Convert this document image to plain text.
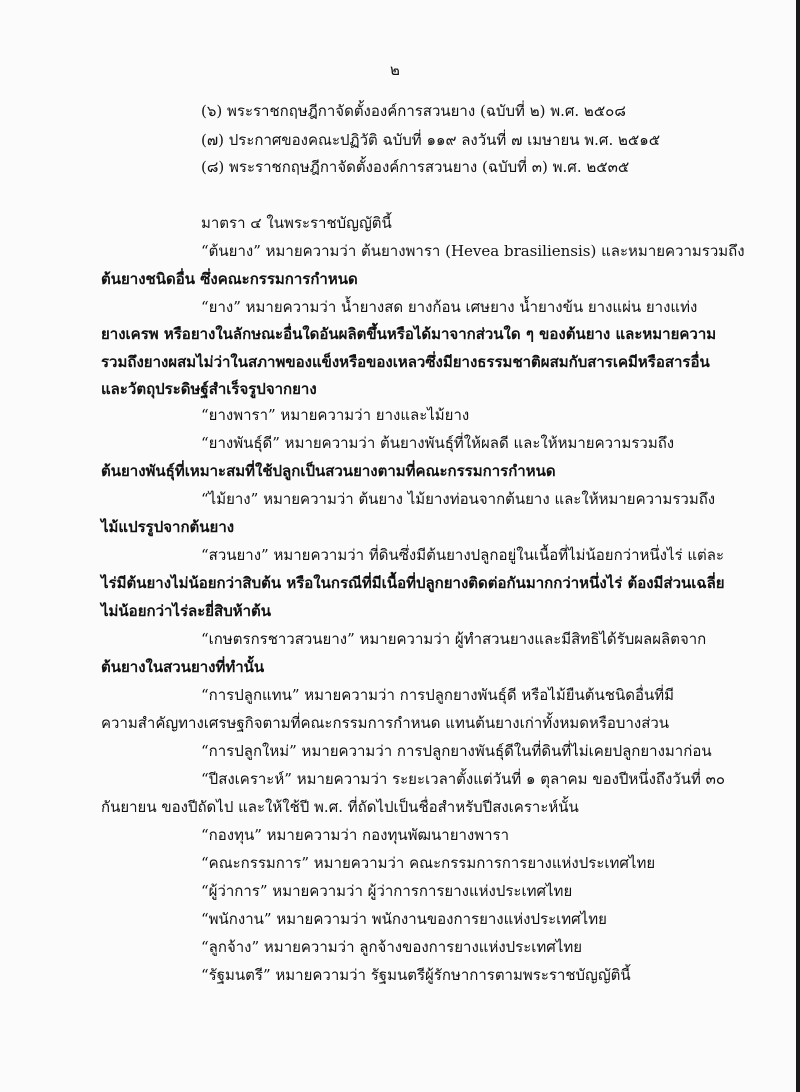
๒
(๖) พระราชกฤษฎีกาจัดตั้งองค์การสวนยาง (ฉบับที่ ๒) พ.ศ. ๒๕๐๘
(๗) ประกาศของคณะปฏิวัติ ฉบับที่ ๑๑๙ ลงวันที่ ๗ เมษายน พ.ศ. ๒๕๑๕
(๘) พระราชกฤษฎีกาจัดตั้งองค์การสวนยาง (ฉบับที่ ๓) พ.ศ. ๒๕๓๕
มาตรา ๔ ในพระราชบัญญัตินี้
“ต้นยาง” หมายความว่า ต้นยางพารา (Hevea brasiliensis) และหมายความรวมถึง
ต้นยางชนิดอื่น ซึ่งคณะกรรมการกำหนด
“ยาง” หมายความว่า น้ำยางสด ยางก้อน เศษยาง น้ำยางข้น ยางแผ่น ยางแท่ง
ยางเครพ หรือยางในลักษณะอื่นใดอันผลิตขึ้นหรือได้มาจากส่วนใด ๆ ของต้นยาง และหมายความ
รวมถึงยางผสมไม่ว่าในสภาพของแข็งหรือของเหลวซึ่งมียางธรรมชาติผสมกับสารเคมีหรือสารอื่น
และวัตถุประดิษฐ์สำเร็จรูปจากยาง
“ยางพารา” หมายความว่า ยางและไม้ยาง
“ยางพันธุ์ดี” หมายความว่า ต้นยางพันธุ์ที่ให้ผลดี และให้หมายความรวมถึง
ต้นยางพันธุ์ที่เหมาะสมที่ใช้ปลูกเป็นสวนยางตามที่คณะกรรมการกำหนด
“ไม้ยาง” หมายความว่า ต้นยาง ไม้ยางท่อนจากต้นยาง และให้หมายความรวมถึง
ไม้แปรรูปจากต้นยาง
“สวนยาง” หมายความว่า ที่ดินซึ่งมีต้นยางปลูกอยู่ในเนื้อที่ไม่น้อยกว่าหนึ่งไร่ แต่ละ
ไร่มีต้นยางไม่น้อยกว่าสิบต้น หรือในกรณีที่มีเนื้อที่ปลูกยางติดต่อกันมากกว่าหนึ่งไร่ ต้องมีส่วนเฉลี่ย
ไม่น้อยกว่าไร่ละยี่สิบห้าต้น
“เกษตรกรชาวสวนยาง” หมายความว่า ผู้ทำสวนยางและมีสิทธิได้รับผลผลิตจาก
ต้นยางในสวนยางที่ทำนั้น
“การปลูกแทน” หมายความว่า การปลูกยางพันธุ์ดี หรือไม้ยืนต้นชนิดอื่นที่มี
ความสำคัญทางเศรษฐกิจตามที่คณะกรรมการกำหนด แทนต้นยางเก่าทั้งหมดหรือบางส่วน
“การปลูกใหม่” หมายความว่า การปลูกยางพันธุ์ดีในที่ดินที่ไม่เคยปลูกยางมาก่อน
“ปีสงเคราะห์” หมายความว่า ระยะเวลาตั้งแต่วันที่ ๑ ตุลาคม ของปีหนึ่งถึงวันที่ ๓๐
กันยายน ของปีถัดไป และให้ใช้ปี พ.ศ. ที่ถัดไปเป็นชื่อสำหรับปีสงเคราะห์นั้น
“กองทุน” หมายความว่า กองทุนพัฒนายางพารา
“คณะกรรมการ” หมายความว่า คณะกรรมการการยางแห่งประเทศไทย
“ผู้ว่าการ” หมายความว่า ผู้ว่าการการยางแห่งประเทศไทย
“พนักงาน” หมายความว่า พนักงานของการยางแห่งประเทศไทย
“ลูกจ้าง” หมายความว่า ลูกจ้างของการยางแห่งประเทศไทย
“รัฐมนตรี” หมายความว่า รัฐมนตรีผู้รักษาการตามพระราชบัญญัตินี้
